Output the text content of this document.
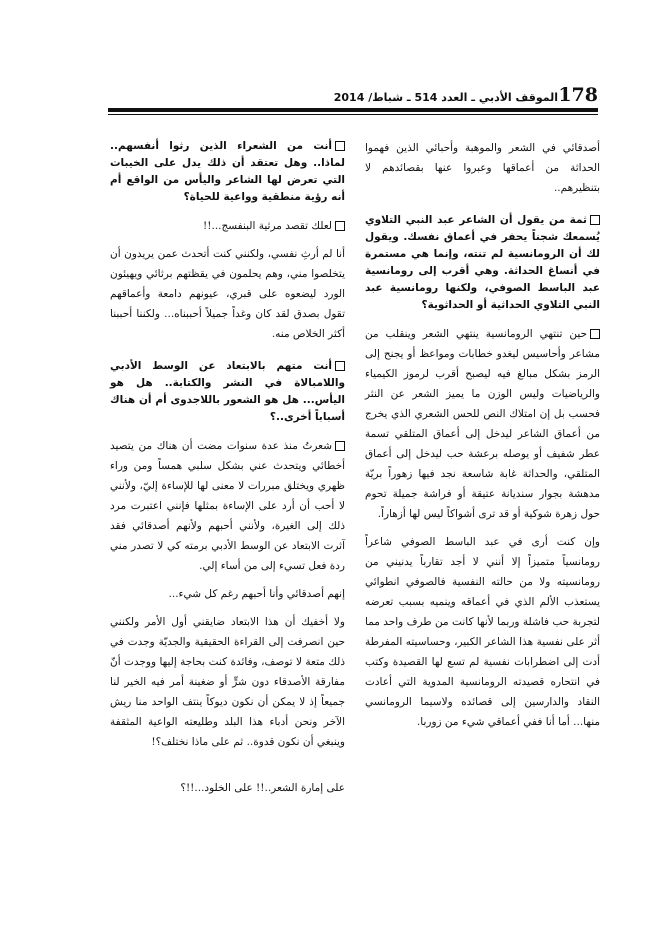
178
الموقف الأدبي ـ العدد 514 ـ شباط/ 2014

أصدقائي في الشعر والموهبة وأحبائي الذين فهموا الحداثة من أعماقها وعبروا عنها بقصائدهم لا بتنظيرهم..

ثمة من يقول أن الشاعر عبد النبي التلاوي يُسمعك شجناً يحفر في أعماق نفسك. ويقول لك أن الرومانسية لم تنته، وإنما هي مستمرة في أنساغ الحداثة. وهي أقرب إلى رومانسية عبد الباسط الصوفي، ولكنها رومانسية عبد النبي التلاوي الحداثية أو الحداثوية؟

حين تنتهي الرومانسية ينتهي الشعر وينقلب من مشاعر وأحاسيس ليغدو خطابات ومواعظ أو يجنح إلى الرمز بشكل مبالغ فيه ليصبح أقرب لرموز الكيمياء والرياضيات وليس الوزن ما يميز الشعر عن النثر فحسب بل إن امتلاك النص للحس الشعري الذي يخرج من أعماق الشاعر ليدخل إلى أعماق المتلقي تسمة عطر شفيف أو يوصله برعشة حب ليدخل إلى أعماق المتلقي، والحداثة غابة شاسعة نجد فيها زهوراً بريّة مدهشة بجوار سنديانة عتيقة أو فراشة جميلة تحوم حول زهرة شوكية أو قد ترى أشواكاً ليس لها أزهاراً.

وإن كنت أرى في عبد الباسط الصوفي شاعراً رومانسياً متميزاً إلا أنني لا أجد تقارباً يدنيني من رومانسيته ولا من حالته النفسية فالصوفي انطوائي يستعذب الألم الذي في أعماقه وينميه بسبب تعرضه لتجربة حب فاشلة وربما لأنها كانت من طرف واحد مما أثر على نفسية هذا الشاعر الكبير، وحساسيته المفرطة أدت إلى اضطرابات نفسية لم تسع لها القصيدة وكتب في انتحاره قصيدته الرومانسية المدوية التي أعادت النقاد والدارسين إلى قصائده ولاسيما الرومانسي منها... أما أنا ففي أعماقي شيء من زوربا.

أنت من الشعراء الذين رثوا أنفسهم.. لماذا.. وهل تعتقد أن ذلك يدل على الخيبات التي تعرض لها الشاعر واليأس من الواقع أم أنه رؤية منطقية وواعية للحياة؟

لعلك تقصد مرثية البنفسج...!!

أنا لم أرثِ نفسي، ولكنني كنت أتحدث عمن يريدون أن يتخلصوا مني، وهم يحلمون في يقظتهم برثائي ويهيئون الورد ليضعوه على قبري، عيونهم دامعة وأعماقهم تقول بصدق لقد كان وغداً جميلاً أحببناه... ولكننا أحببنا أكثر الخلاص منه.

أنت متهم بالابتعاد عن الوسط الأدبي واللامبالاة في النشر والكتابة.. هل هو اليأس... هل هو الشعور باللاجدوى أم أن هناك أسباباً أخرى..؟

شعرتُ منذ عدة سنوات مضت أن هناك من يتصيد أخطائي ويتحدث عني بشكل سلبي همساً ومن وراء ظهري ويختلق مبررات لا معنى لها للإساءة إليّ، ولأنني لا أحب أن أرد على الإساءة بمثلها فإنني اعتبرت مرد ذلك إلى الغيرة، ولأنني أحبهم ولأنهم أصدقائي فقد آثرت الابتعاد عن الوسط الأدبي برمته كي لا تصدر مني ردة فعل تسيء إلى من أساء إلي.

إنهم أصدقائي وأنا أحبهم رغم كل شيء...

ولا أخفيك أن هذا الابتعاد ضايقني أول الأمر ولكنني حين انصرفت إلى القراءة الحقيقية والجديّة وجدت في ذلك متعة لا توصف، وفائدة كنت بحاجة إليها ووجدت أنّ مفارقة الأصدقاء دون شرٍّ أو ضغينة أمر فيه الخير لنا جميعاً إذ لا يمكن أن نكون ديوكاً ينتف الواحد منا ريش الآخر ونحن أدباء هذا البلد وطليعته الواعية المثقفة وينبغي أن نكون قدوة.. ثم على ماذا نختلف؟!

على إمارة الشعر..!! على الخلود...!!؟
